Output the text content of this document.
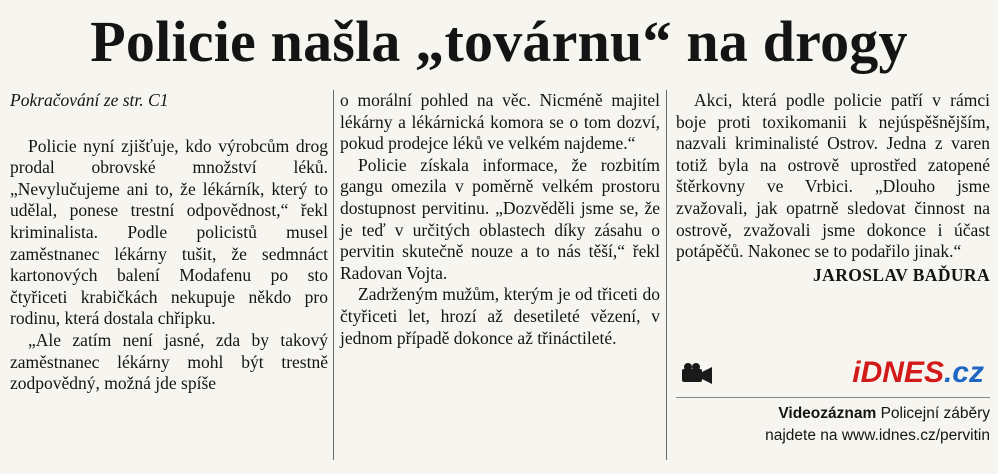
Policie našla „továrnu“ na drogy

Pokračování ze str. C1

Policie nyní zjišťuje, kdo výrobcům drog prodal obrovské množství léků. „Nevylučujeme ani to, že lékárník, který to udělal, ponese trestní odpovědnost,“ řekl kriminalista. Podle policistů musel zaměstnanec lékárny tušit, že sedmnáct kartonových balení Modafenu po sto čtyřiceti krabičkách nekupuje někdo pro rodinu, která dostala chřipku.

„Ale zatím není jasné, zda by takový zaměstnanec lékárny mohl být trestně zodpovědný, možná jde spíše

o morální pohled na věc. Nicméně majitel lékárny a lékárnická komora se o tom dozví, pokud prodejce léků ve velkém najdeme.“

Policie získala informace, že rozbitím gangu omezila v poměrně velkém prostoru dostupnost pervitinu. „Dozvěděli jsme se, že je teď v určitých oblastech díky zásahu o pervitin skutečně nouze a to nás těší,“ řekl Radovan Vojta.

Zadrženým mužům, kterým je od třiceti do čtyřiceti let, hrozí až desetileté vězení, v jednom případě dokonce až třináctileté.

Akci, která podle policie patří v rámci boje proti toxikomanii k nejúspěšnějším, nazvali kriminalisté Ostrov. Jedna z varen totiž byla na ostrově uprostřed zatopené štěrkovny ve Vrbici. „Dlouho jsme zvažovali, jak opatrně sledovat činnost na ostrově, zvažovali jsme dokonce i účast potápěčů. Nakonec se to podařilo jinak.“

JAROSLAV BAĎURA

iDNES.cz
Videozáznam Policejní záběry
najdete na www.idnes.cz/pervitin
